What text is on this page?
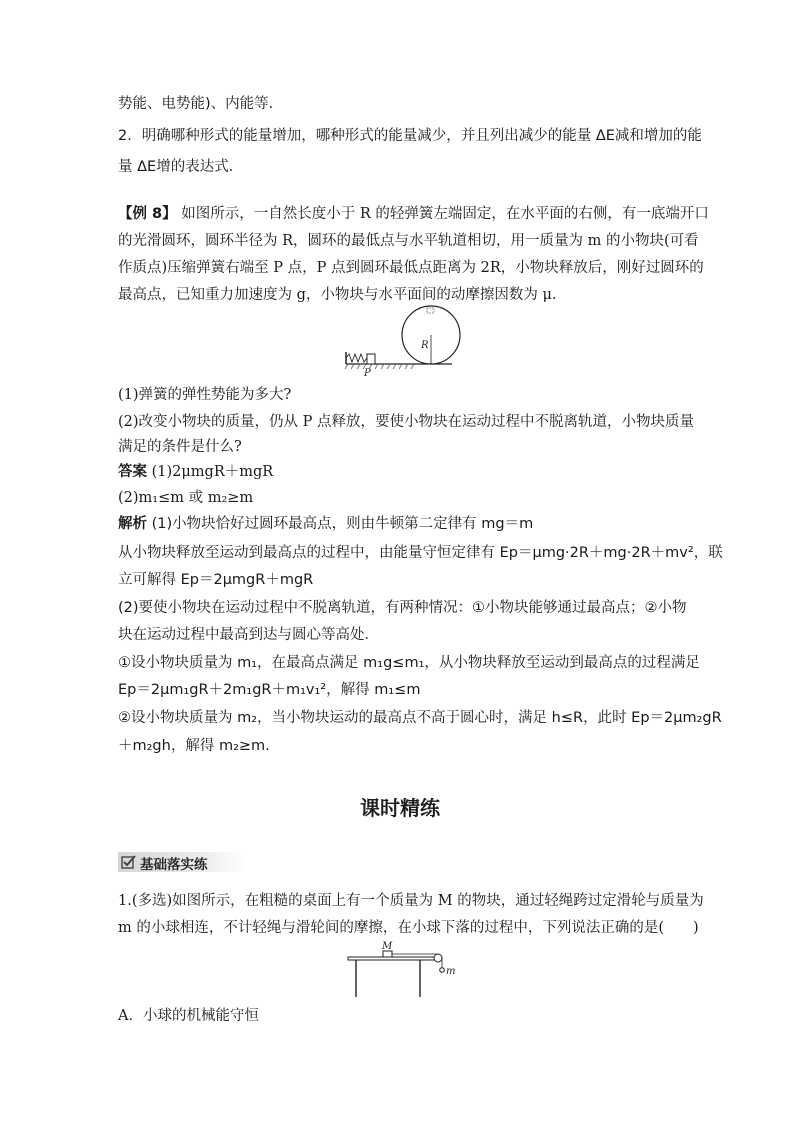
势能、电势能)、内能等．
2．明确哪种形式的能量增加，哪种形式的能量减少，并且列出减少的能量 ΔE减和增加的能
量 ΔE增的表达式．
【例 8】 如图所示，一自然长度小于 R 的轻弹簧左端固定，在水平面的右侧，有一底端开口
的光滑圆环，圆环半径为 R，圆环的最低点与水平轨道相切，用一质量为 m 的小物块(可看
作质点)压缩弹簧右端至 P 点，P 点到圆环最低点距离为 2R，小物块释放后，刚好过圆环的
最高点，已知重力加速度为 g，小物块与水平面间的动摩擦因数为 μ.
P
R
(1)弹簧的弹性势能为多大?
(2)改变小物块的质量，仍从 P 点释放，要使小物块在运动过程中不脱离轨道，小物块质量
满足的条件是什么?
答案 (1)2μmgR＋mgR
(2)m₁≤m 或 m₂≥m
解析 (1)小物块恰好过圆环最高点，则由牛顿第二定律有 mg＝m
从小物块释放至运动到最高点的过程中，由能量守恒定律有 Ep＝μmg·2R＋mg·2R＋mv²，联
立可解得 Ep＝2μmgR＋mgR
(2)要使小物块在运动过程中不脱离轨道，有两种情况：①小物块能够通过最高点；②小物
块在运动过程中最高到达与圆心等高处．
①设小物块质量为 m₁，在最高点满足 m₁g≤m₁，从小物块释放至运动到最高点的过程满足
Ep＝2μm₁gR＋2m₁gR＋m₁v₁²，解得 m₁≤m
②设小物块质量为 m₂，当小物块运动的最高点不高于圆心时，满足 h≤R，此时 Ep＝2μm₂gR
＋m₂gh，解得 m₂≥m.
课时精练
基础落实练
1.(多选)如图所示，在粗糙的桌面上有一个质量为 M 的物块，通过轻绳跨过定滑轮与质量为
m 的小球相连，不计轻绳与滑轮间的摩擦，在小球下落的过程中，下列说法正确的是(　　)
M
m
A．小球的机械能守恒
